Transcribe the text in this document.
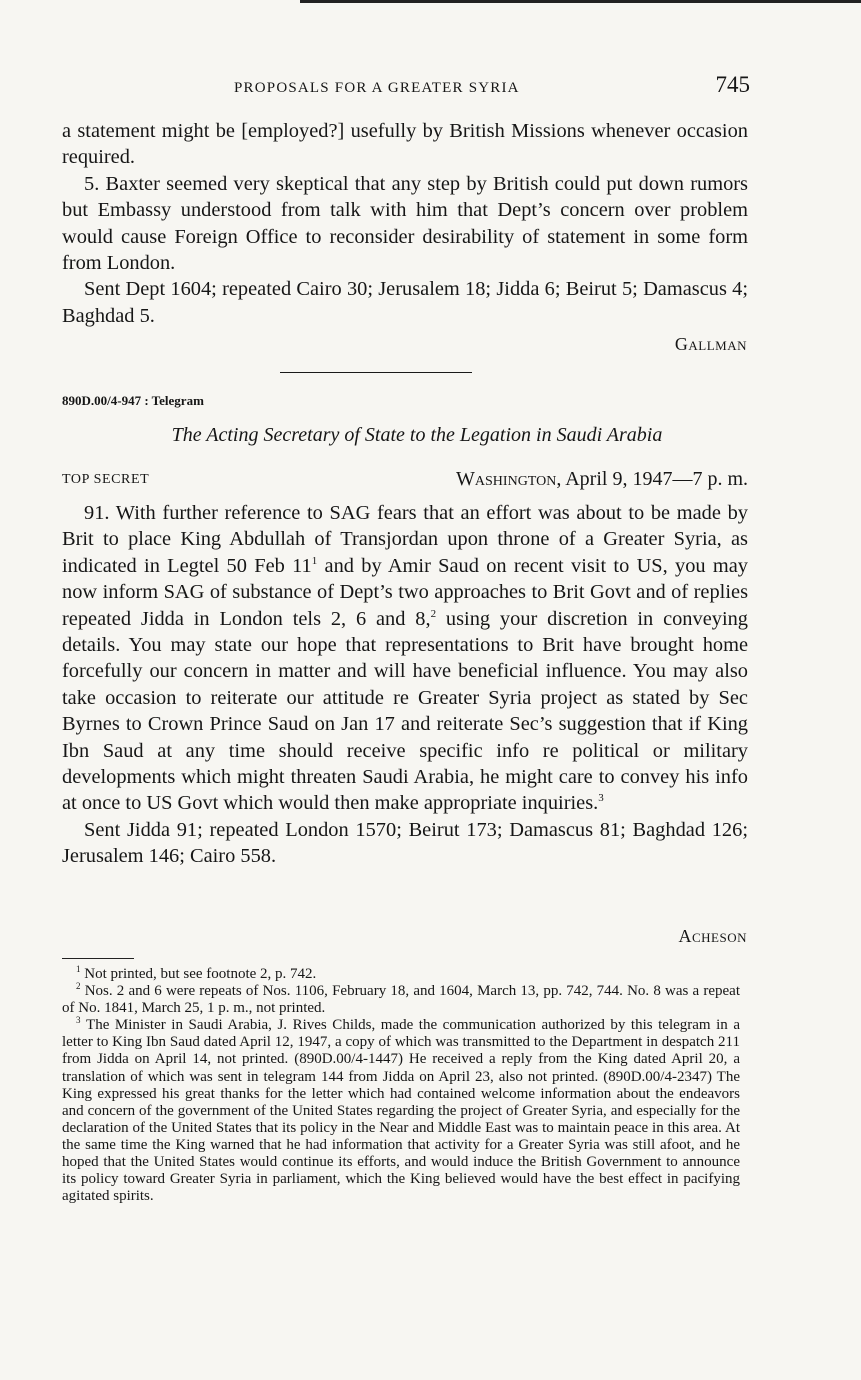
PROPOSALS FOR A GREATER SYRIA	745

a statement might be [employed?] usefully by British Missions whenever occasion required.

5. Baxter seemed very skeptical that any step by British could put down rumors but Embassy understood from talk with him that Dept’s concern over problem would cause Foreign Office to reconsider desirability of statement in some form from London.

Sent Dept 1604; repeated Cairo 30; Jerusalem 18; Jidda 6; Beirut 5; Damascus 4; Baghdad 5.

Gallman
890D.00/4-947 : Telegram
The Acting Secretary of State to the Legation in Saudi Arabia
TOP SECRET	Washington, April 9, 1947—7 p. m.

91. With further reference to SAG fears that an effort was about to be made by Brit to place King Abdullah of Transjordan upon throne of a Greater Syria, as indicated in Legtel 50 Feb $11^1$ and by Amir Saud on recent visit to US, you may now inform SAG of substance of Dept’s two approaches to Brit Govt and of replies repeated Jidda in London tels 2, 6 and 8,$^2$ using your discretion in conveying details. You may state our hope that representations to Brit have brought home forcefully our concern in matter and will have beneficial influence. You may also take occasion to reiterate our attitude re Greater Syria project as stated by Sec Byrnes to Crown Prince Saud on Jan 17 and reiterate Sec’s suggestion that if King Ibn Saud at any time should receive specific info re political or military developments which might threaten Saudi Arabia, he might care to convey his info at once to US Govt which would then make appropriate inquiries.$^3$

Sent Jidda 91; repeated London 1570; Beirut 173; Damascus 81; Baghdad 126; Jerusalem 146; Cairo 558.

Acheson

$^1$ Not printed, but see footnote 2, p. 742.

$^2$ Nos. 2 and 6 were repeats of Nos. 1106, February 18, and 1604, March 13, pp. 742, 744. No. 8 was a repeat of No. 1841, March 25, 1 p. m., not printed.

$^3$ The Minister in Saudi Arabia, J. Rives Childs, made the communication authorized by this telegram in a letter to King Ibn Saud dated April 12, 1947, a copy of which was transmitted to the Department in despatch 211 from Jidda on April 14, not printed. (890D.00/4-1447) He received a reply from the King dated April 20, a translation of which was sent in telegram 144 from Jidda on April 23, also not printed. (890D.00/4-2347) The King expressed his great thanks for the letter which had contained welcome information about the endeavors and concern of the government of the United States regarding the project of Greater Syria, and especially for the declaration of the United States that its policy in the Near and Middle East was to maintain peace in this area. At the same time the King warned that he had information that activity for a Greater Syria was still afoot, and he hoped that the United States would continue its efforts, and would induce the British Government to announce its policy toward Greater Syria in parliament, which the King believed would have the best effect in pacifying agitated spirits.
